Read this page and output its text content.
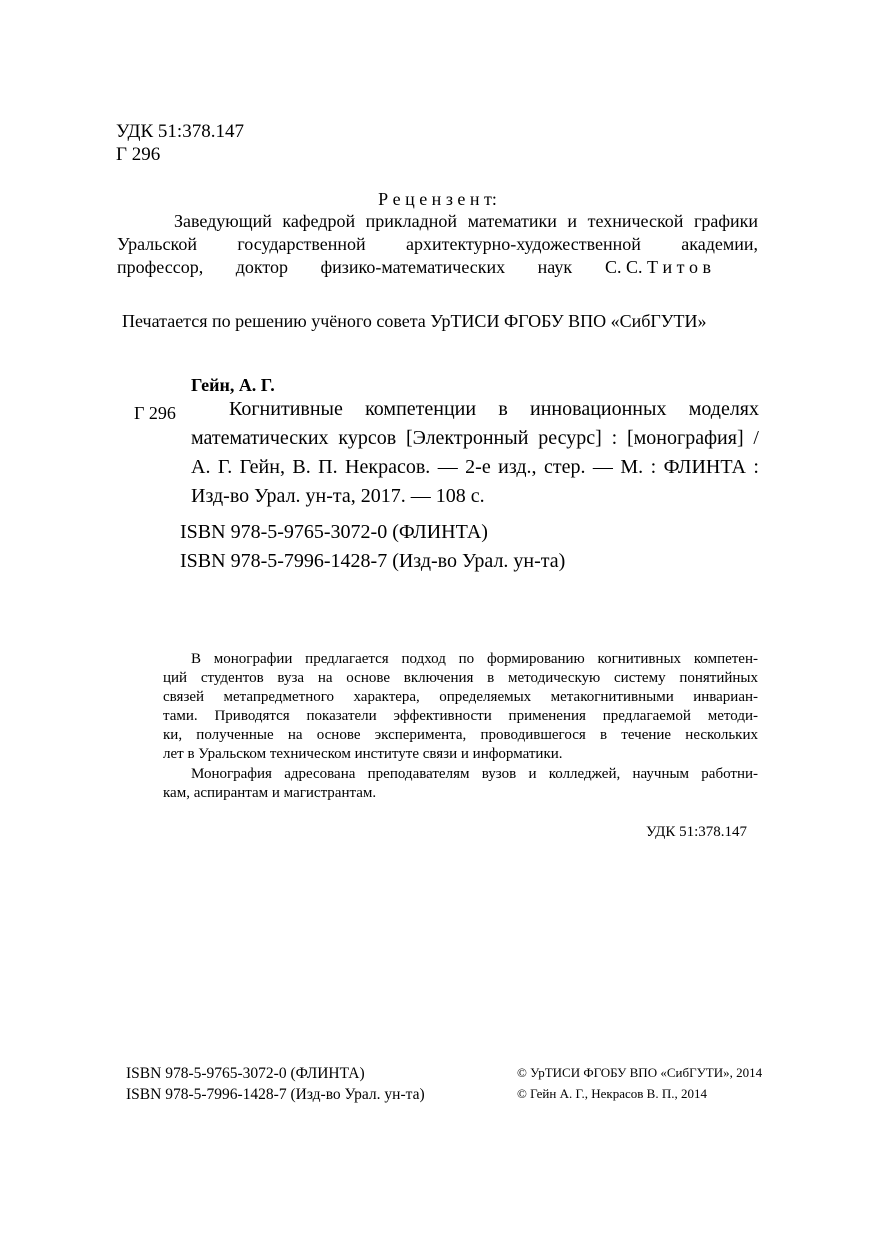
УДК 51:378.147
Г 296
Р е ц е н з е н т:
Заведующий кафедрой прикладной математики и технической графики
Уральской государственной архитектурно-художественной академии,
профессор, доктор физико-математических наук С. С. Т и т о в
Печатается по решению учёного совета УрТИСИ ФГОБУ ВПО «СибГУТИ»
Гейн, А. Г.
Г 296	Когнитивные компетенции в инновационных моделях
математических курсов [Электронный ресурс] : [монография] /
А. Г. Гейн, В. П. Некрасов. — 2-е изд., стер. — М. : ФЛИНТА :
Изд-во Урал. ун-та, 2017. — 108 с.
ISBN 978-5-9765-3072-0 (ФЛИНТА)
ISBN 978-5-7996-1428-7 (Изд-во Урал. ун-та)
В монографии предлагается подход по формированию когнитивных компетен-
ций студентов вуза на основе включения в методическую систему понятийных
связей метапредметного характера, определяемых метакогнитивными инвариан-
тами. Приводятся показатели эффективности применения предлагаемой методи-
ки, полученные на основе эксперимента, проводившегося в течение нескольких
лет в Уральском техническом институте связи и информатики.
Монография адресована преподавателям вузов и колледжей, научным работни-
кам, аспирантам и магистрантам.
УДК 51:378.147
ISBN 978-5-9765-3072-0 (ФЛИНТА)
ISBN 978-5-7996-1428-7 (Изд-во Урал. ун-та)
© УрТИСИ ФГОБУ ВПО «СибГУТИ», 2014
© Гейн А. Г., Некрасов В. П., 2014
